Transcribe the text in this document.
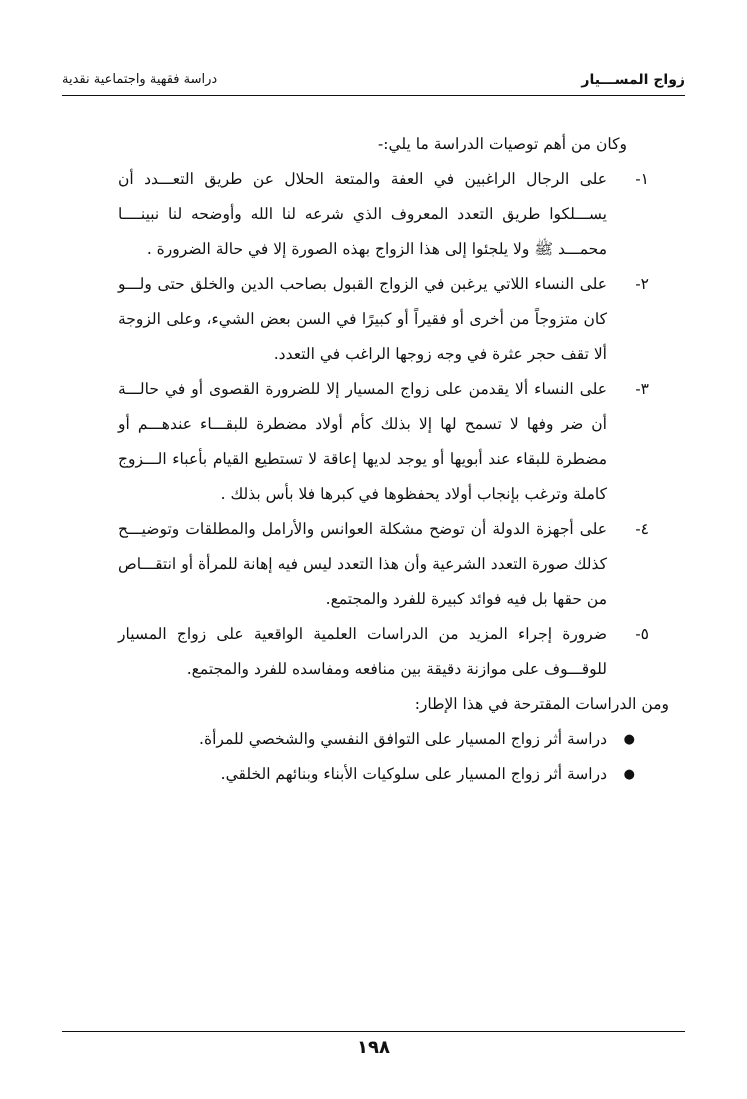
زواج المســـيار
دراسة فقهية واجتماعية نقدية
وكان من أهم توصيات الدراسة ما يلي:-
١-
على الرجال الراغبين في العفة والمتعة الحلال عن طريق التعـــدد أن يســـلكوا طريق التعدد المعروف الذي شرعه لنا الله وأوضحه لنا نبينــــا محمـــد ﷺ ولا يلجئوا إلى هذا الزواج بهذه الصورة إلا في حالة الضرورة .
٢-
على النساء اللاتي يرغبن في الزواج القبول بصاحب الدين والخلق حتى ولـــو كان متزوجاً من أخرى أو فقيراً أو كبيرًا في السن بعض الشيء، وعلى الزوجة ألا تقف حجر عثرة في وجه زوجها الراغب في التعدد.
٣-
على النساء ألا يقدمن على زواج المسيار إلا للضرورة القصوى أو في حالـــة أن ضر وفها لا تسمح لها إلا بذلك كأم أولاد مضطرة للبقـــاء عندهـــم أو مضطرة للبقاء عند أبويها أو يوجد لديها إعاقة لا تستطيع القيام بأعباء الـــزوج كاملة وترغب بإنجاب أولاد يحفظوها في كبرها فلا بأس بذلك .
٤-
على أجهزة الدولة أن توضح مشكلة العوانس والأرامل والمطلقات وتوضيـــح كذلك صورة التعدد الشرعية وأن هذا التعدد ليس فيه إهانة للمرأة أو انتقـــاص من حقها بل فيه فوائد كبيرة للفرد والمجتمع.
٥-
ضرورة إجراء المزيد من الدراسات العلمية الواقعية على زواج المسيار للوقـــوف على موازنة دقيقة بين منافعه ومفاسده للفرد والمجتمع.
ومن الدراسات المقترحة في هذا الإطار:
●
دراسة أثر زواج المسيار على التوافق النفسي والشخصي للمرأة.
●
دراسة أثر زواج المسيار على سلوكيات الأبناء وبنائهم الخلقي.
١٩٨
